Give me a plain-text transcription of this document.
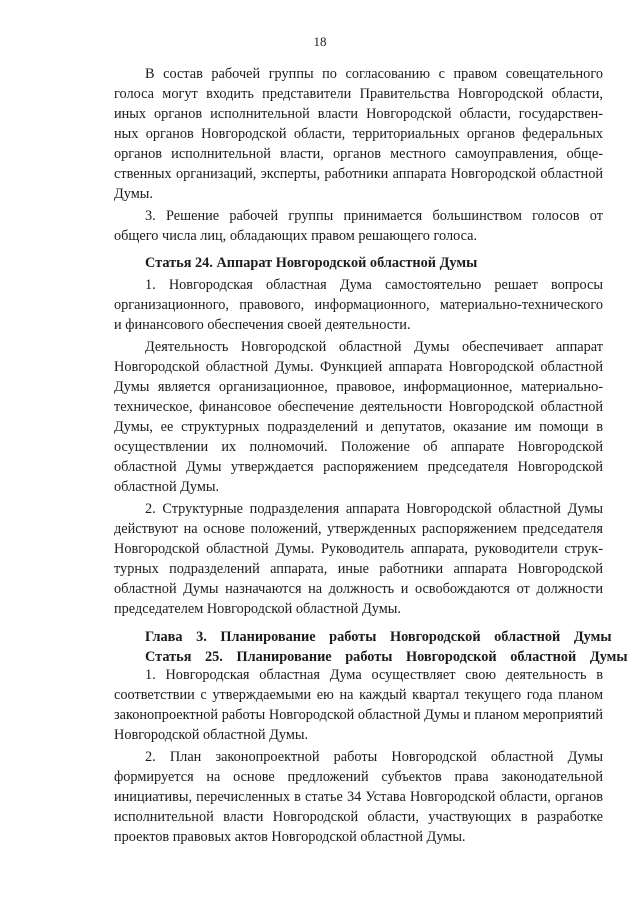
18
В состав рабочей группы по согласованию с правом совещательного
голоса могут входить представители Правительства Новгородской области,
иных органов исполнительной власти Новгородской области, государствен-
ных органов Новгородской области, территориальных органов федеральных
органов исполнительной власти, органов местного самоуправления, обще-
ственных организаций, эксперты, работники аппарата Новгородской областной
Думы.
3. Решение рабочей группы принимается большинством голосов от
общего числа лиц, обладающих правом решающего голоса.
Статья 24. Аппарат Новгородской областной Думы
1. Новгородская областная Дума самостоятельно решает вопросы
организационного, правового, информационного, материально-технического
и финансового обеспечения своей деятельности.
Деятельность Новгородской областной Думы обеспечивает аппарат
Новгородской областной Думы. Функцией аппарата Новгородской областной
Думы является организационное, правовое, информационное, материально-
техническое, финансовое обеспечение деятельности Новгородской областной
Думы, ее структурных подразделений и депутатов, оказание им помощи в
осуществлении их полномочий. Положение об аппарате Новгородской
областной Думы утверждается распоряжением председателя Новгородской
областной Думы.
2. Структурные подразделения аппарата Новгородской областной Думы
действуют на основе положений, утвержденных распоряжением председателя
Новгородской областной Думы. Руководитель аппарата, руководители струк-
турных подразделений аппарата, иные работники аппарата Новгородской
областной Думы назначаются на должность и освобождаются от должности
председателем Новгородской областной Думы.
Глава 3. Планирование работы Новгородской областной Думы
Статья 25. Планирование работы Новгородской областной Думы
1. Новгородская областная Дума осуществляет свою деятельность в
соответствии с утверждаемыми ею на каждый квартал текущего года планом
законопроектной работы Новгородской областной Думы и планом мероприятий
Новгородской областной Думы.
2. План законопроектной работы Новгородской областной Думы
формируется на основе предложений субъектов права законодательной
инициативы, перечисленных в статье 34 Устава Новгородской области, органов
исполнительной власти Новгородской области, участвующих в разработке
проектов правовых актов Новгородской областной Думы.
